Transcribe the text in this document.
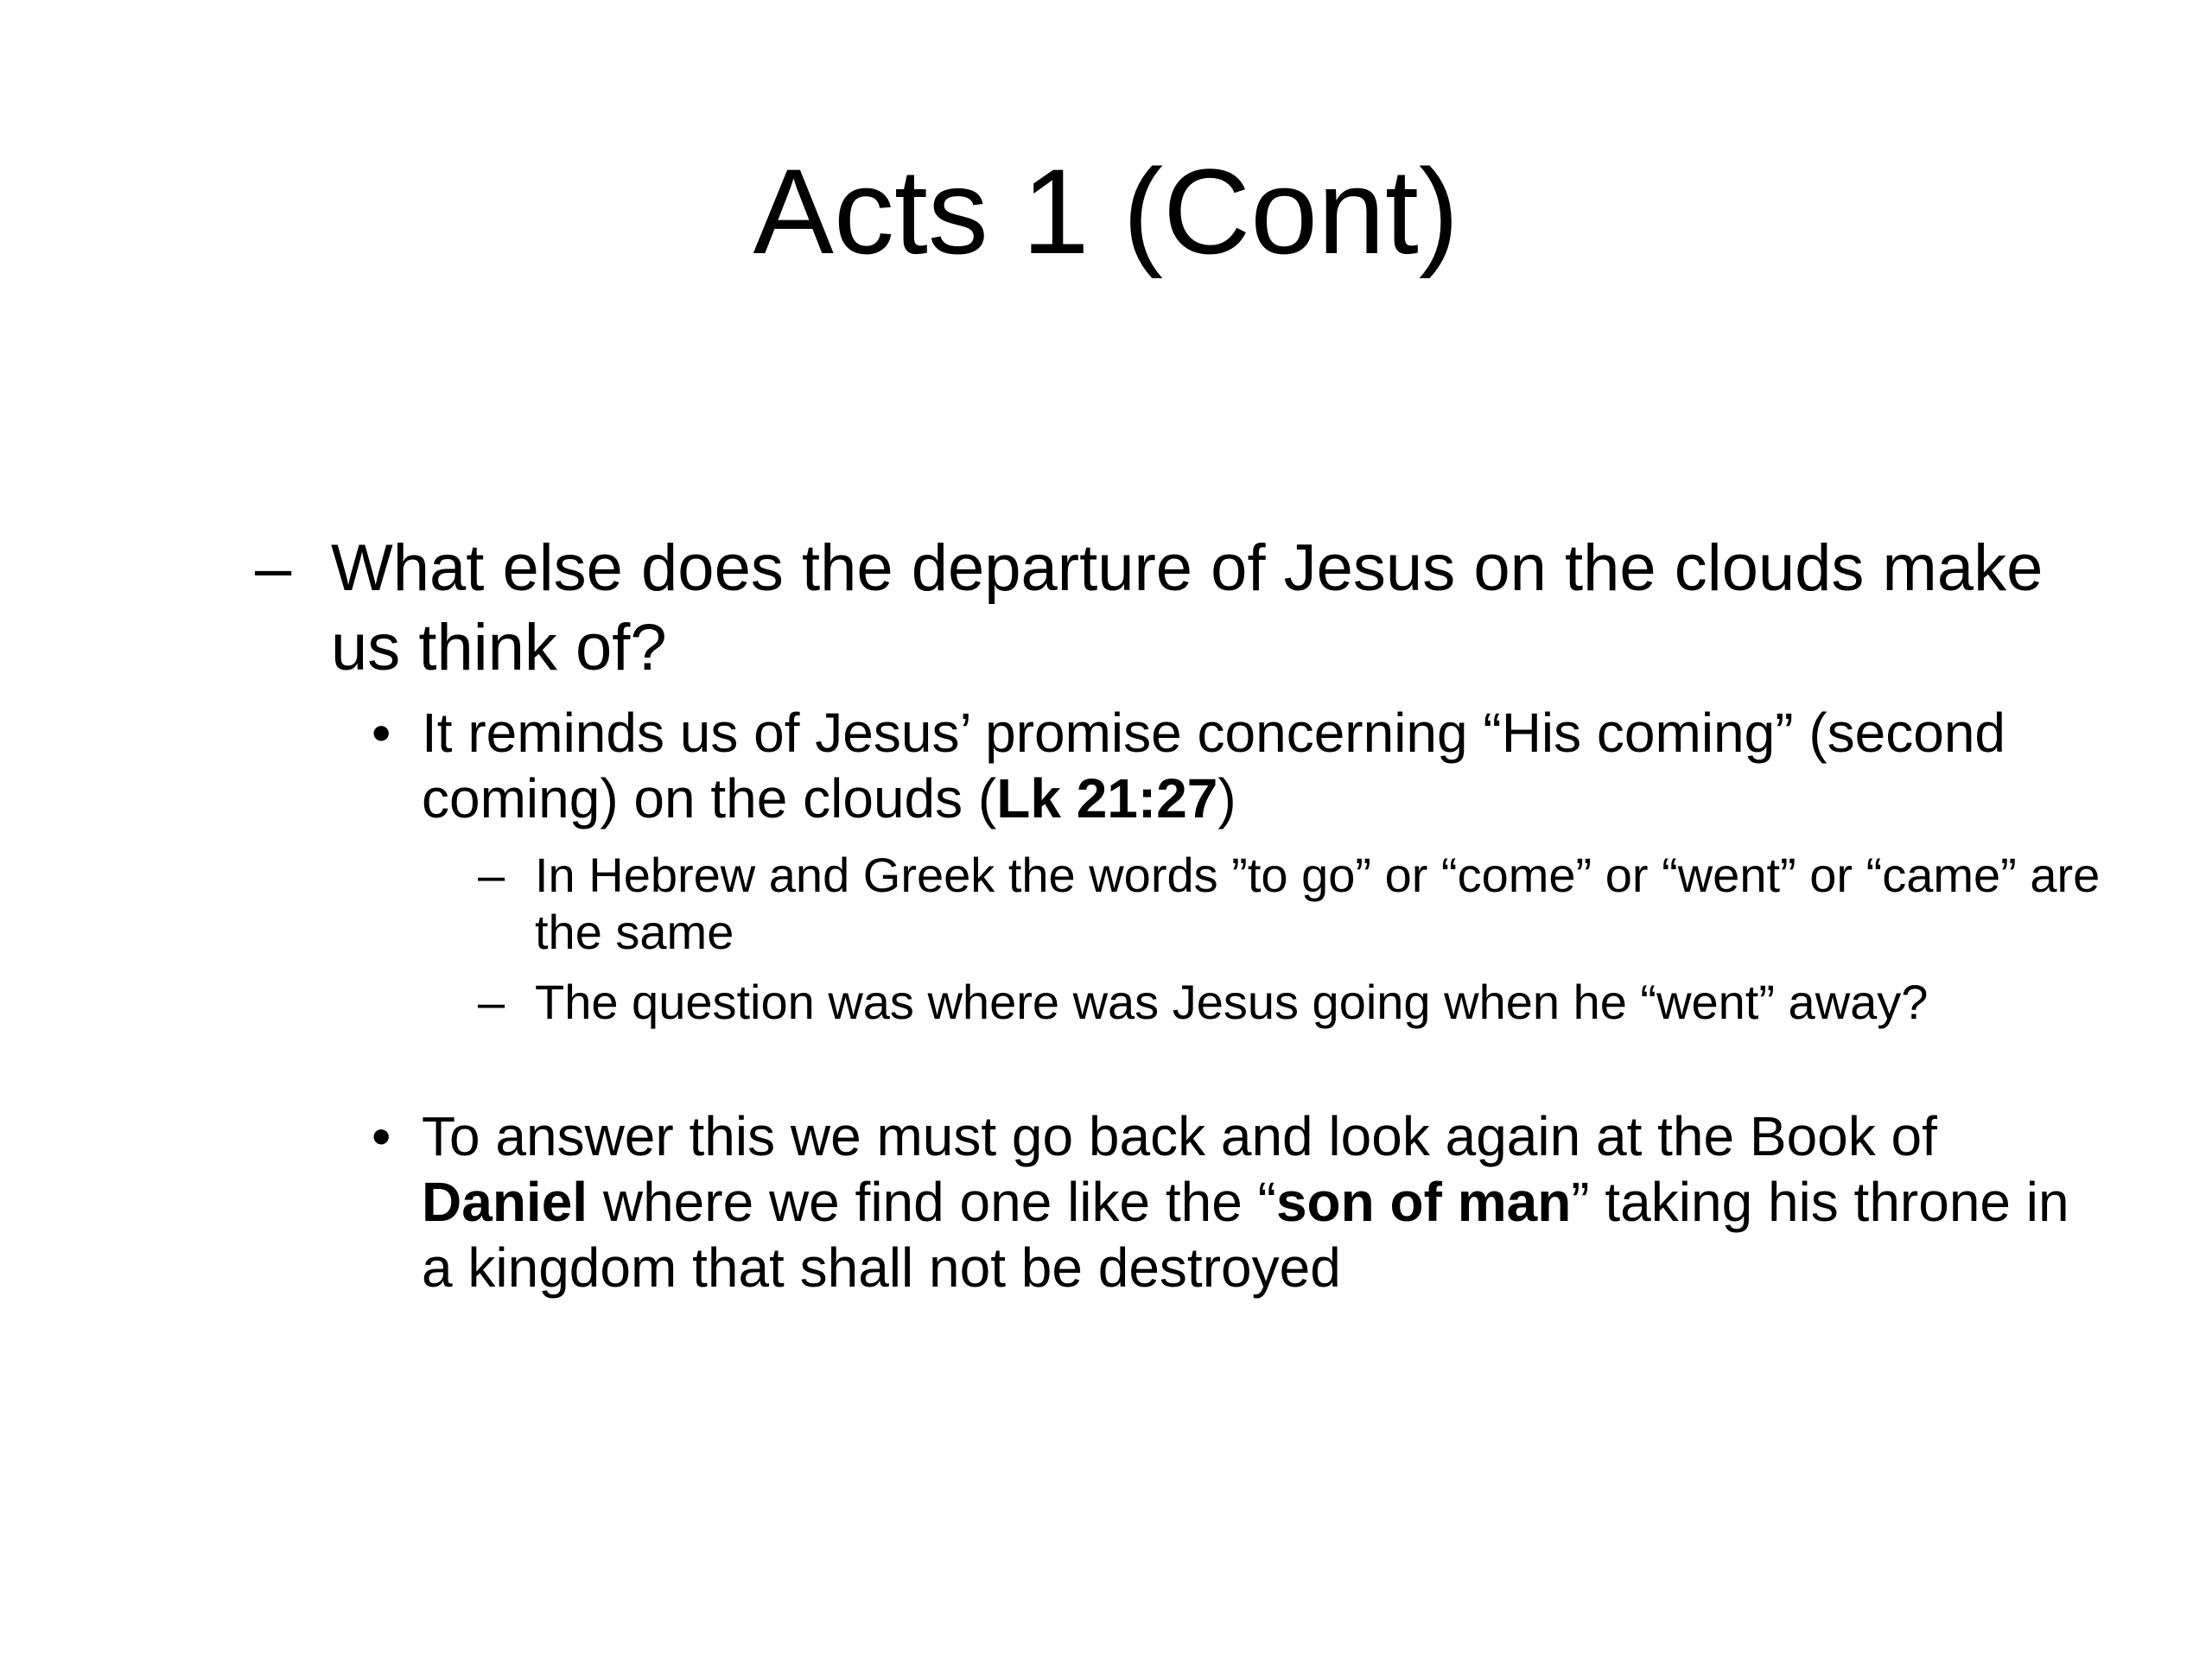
Acts 1 (Cont)
– What else does the departure of Jesus on the clouds make us think of?
• It reminds us of Jesus’ promise concerning “His coming” (second coming) on the clouds (Lk 21:27)
– In Hebrew and Greek the words ”to go” or “come” or “went” or “came” are the same
– The question was where was Jesus going when he “went” away?
• To answer this we must go back and look again at the Book of Daniel where we find one like the “son of man” taking his throne in a kingdom that shall not be destroyed
